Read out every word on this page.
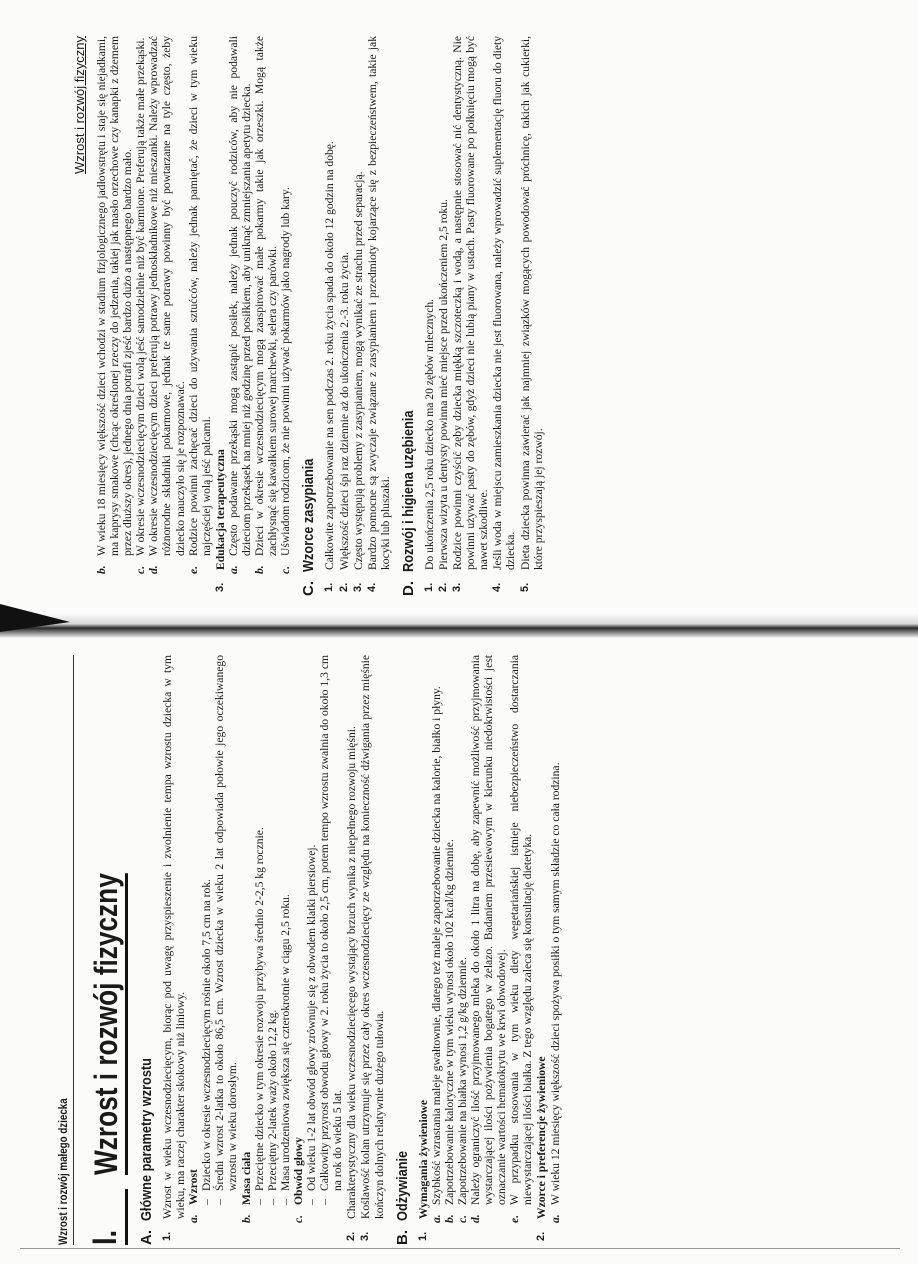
Wzrost i rozwój małego dziecka I.
Wzrost i rozwój fizyczny
A.
Główne parametry wzrostu
1.
Wzrost w wieku wczesnodziecięcym, biorąc pod uwagę przyspieszenie i zwolnienie tempa wzrostu dziecka w tym wieku, ma raczej charakter skokowy niż liniowy. a.
Wzrost –
Dziecko w okresie wczesnodziecięcym rośnie około 7,5 cm na rok.
–
Średni wzrost 2-latka to około 86,5 cm. Wzrost dziecka w wieku 2 lat odpowiada połowie jego oczekiwanego wzrostu w wieku dorosłym.
b.
Masa ciała –
Przeciętne dziecko w tym okresie rozwoju przybywa średnio 2-2,5 kg rocznie.
–
Przeciętny 2-latek waży około 12,2 kg.
–
Masa urodzeniowa zwiększa się czterokrotnie w ciągu 2,5 roku.
c.
Obwód głowy –
Od wieku 1-2 lat obwód głowy zrównuje się z obwodem klatki piersiowej.
–
Całkowity przyrost obwodu głowy w 2. roku życia to około 2,5 cm, potem tempo wzrostu zwalnia do około 1,3 cm na rok do wieku 5 lat.
2.
Charakterystyczny dla wieku wczesnodziecięcego wystający brzuch wynika z niepełnego rozwoju mięśni.
3.
Koślawość kolan utrzymuje się przez cały okres wczesnodziecięcy ze względu na konieczność dźwigania przez mięśnie kończyn dolnych relatywnie dużego tułowia.
B.
Odżywianie
1.
Wymagania żywieniowe a.
Szybkość wzrastania maleje gwałtownie, dlatego też maleje zapotrzebowanie dziecka na kalorie, białko i płyny.
b.
Zapotrzebowanie kaloryczne w tym wieku wynosi około 102 kcal/kg dziennie.
c.
Zapotrzebowanie na białka wynosi 1,2 g/kg dziennie.
d.
Należy ograniczyć ilość przyjmowanego mleka do około 1 litra na dobę, aby zapewnić możliwość przyjmowania wystarczającej ilości pożywienia bogatego w żelazo. Badaniem przesiewowym w kierunku niedokrwistości jest oznaczanie wartości hematokrytu we krwi obwodowej.
e.
W przypadku stosowania w tym wieku diety wegetariańskiej istnieje niebezpieczeństwo dostarczania niewystarczającej ilości białka. Z tego względu zaleca się konsultację dietetyka.
2.
Wzorce i preferencje żywieniowe a.
W wieku 12 miesięcy większość dzieci spożywa posiłki o tym samym składzie co cała rodzina.
Wzrost i rozwój fizyczny
b.
W wieku 18 miesięcy większość dzieci wchodzi w stadium fizjologicznego jadłowstrętu i staje się niejadkami, ma kaprysy smakowe (chcąc określonej rzeczy do jedzenia, takiej jak masło orzechowe czy kanapki z dżemem przez dłuższy okres), jednego dnia potrafi zjeść bardzo dużo a następnego bardzo mało.
c.
W okresie wczesnodziecięcym dzieci wolą jeść samodzielnie niż być karmione. Preferują także małe przekąski.
d.
W okresie wczesnodziecięcym dzieci preferują potrawy jednoskładnikowe niż mieszanki. Należy wprowadzać różnorodne składniki pokarmowe, jednak te same potrawy powinny być powtarzane na tyle często, żeby dziecko nauczyło się je rozpoznawać.
e.
Rodzice powinni zachęcać dzieci do używania sztućców, należy jednak pamiętać, że dzieci w tym wieku najczęściej wolą jeść palcami.
3.
Edukacja terapeutyczna a.
Często podawane przekąski mogą zastąpić posiłek, należy jednak pouczyć rodziców, aby nie podawali dzieciom przekąsek na mniej niż godzinę przed posiłkiem, aby uniknąć zmniejszania apetytu dziecka.
b.
Dzieci w okresie wczesnodziecięcym mogą zaaspirować małe pokarmy takie jak orzeszki. Mogą także zachłysnąć się kawałkiem surowej marchewki, selera czy parówki.
c.
Uświadom rodzicom, że nie powinni używać pokarmów jako nagrody lub kary.
C.
Wzorce zasypiania
1.
Całkowite zapotrzebowanie na sen podczas 2. roku życia spada do około 12 godzin na dobę.
2.
Większość dzieci śpi raz dziennie aż do ukończenia 2.-3. roku życia.
3.
Często występują problemy z zasypianiem, mogą wynikać ze strachu przed separacją.
4.
Bardzo pomocne są zwyczaje związane z zasypianiem i przedmioty kojarzące się z bezpieczeństwem, takie jak kocyki lub pluszaki.
D.
Rozwój i higiena uzębienia
1.
Do ukończenia 2,5 roku dziecko ma 20 zębów mlecznych.
2.
Pierwsza wizyta u dentysty powinna mieć miejsce przed ukończeniem 2,5 roku.
3.
Rodzice powinni czyścić zęby dziecka miękką szczoteczką i wodą, a następnie stosować nić dentystyczną. Nie powinni używać pasty do zębów, gdyż dzieci nie lubią piany w ustach. Pasty fluorowane po połknięciu mogą być nawet szkodliwe.
4.
Jeśli woda w miejscu zamieszkania dziecka nie jest fluorowana, należy wprowadzić suplementację fluoru do diety dziecka.
5.
Dieta dziecka powinna zawierać jak najmniej związków mogących powodować próchnicę, takich jak cukierki, które przyspieszają jej rozwój.
